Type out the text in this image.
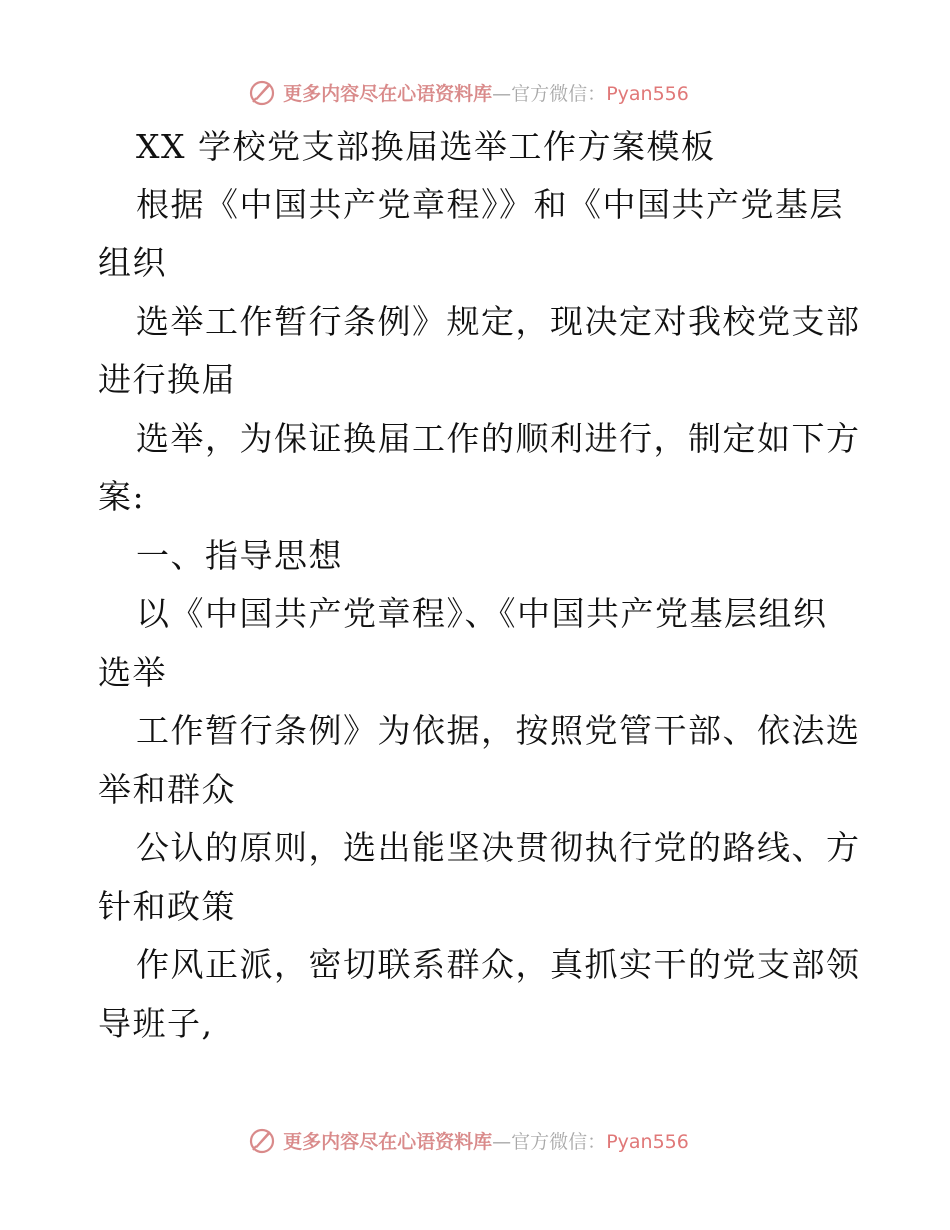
更多内容尽在心语资料库—官方微信：Pyan556
XX 学校党支部换届选举工作方案模板
根据《中国共产党章程》》和《中国共产党基层
组织
选举工作暂行条例》规定，现决定对我校党支部
进行换届
选举，为保证换届工作的顺利进行，制定如下方
案:
一、指导思想
以《中国共产党章程》、《中国共产党基层组织
选举
工作暂行条例》为依据，按照党管干部、依法选
举和群众
公认的原则，选出能坚决贯彻执行党的路线、方
针和政策
作风正派，密切联系群众，真抓实干的党支部领
导班子,
更多内容尽在心语资料库—官方微信：Pyan556
